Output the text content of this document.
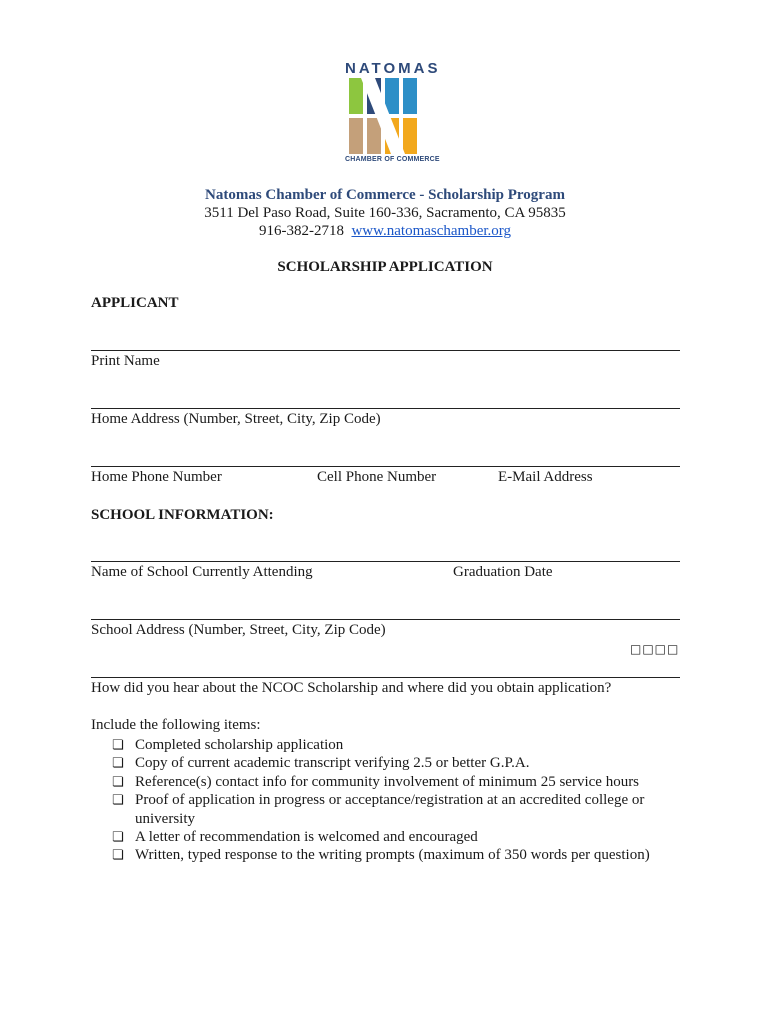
NATOMAS
CHAMBER OF COMMERCE
Natomas Chamber of Commerce - Scholarship Program
3511 Del Paso Road, Suite 160-336, Sacramento, CA 95835
916-382-2718 www.natomaschamber.org
SCHOLARSHIP APPLICATION
APPLICANT
Print Name
Home Address (Number, Street, City, Zip Code)
Home Phone Number	Cell Phone Number	E-Mail Address
SCHOOL INFORMATION:
Name of School Currently Attending	Graduation Date
School Address (Number, Street, City, Zip Code)
□□□□
How did you hear about the NCOC Scholarship and where did you obtain application?
Include the following items:
❏ Completed scholarship application
❏ Copy of current academic transcript verifying 2.5 or better G.P.A.
❏ Reference(s) contact info for community involvement of minimum 25 service hours
❏ Proof of application in progress or acceptance/registration at an accredited college or university
❏ A letter of recommendation is welcomed and encouraged
❏ Written, typed response to the writing prompts (maximum of 350 words per question)
